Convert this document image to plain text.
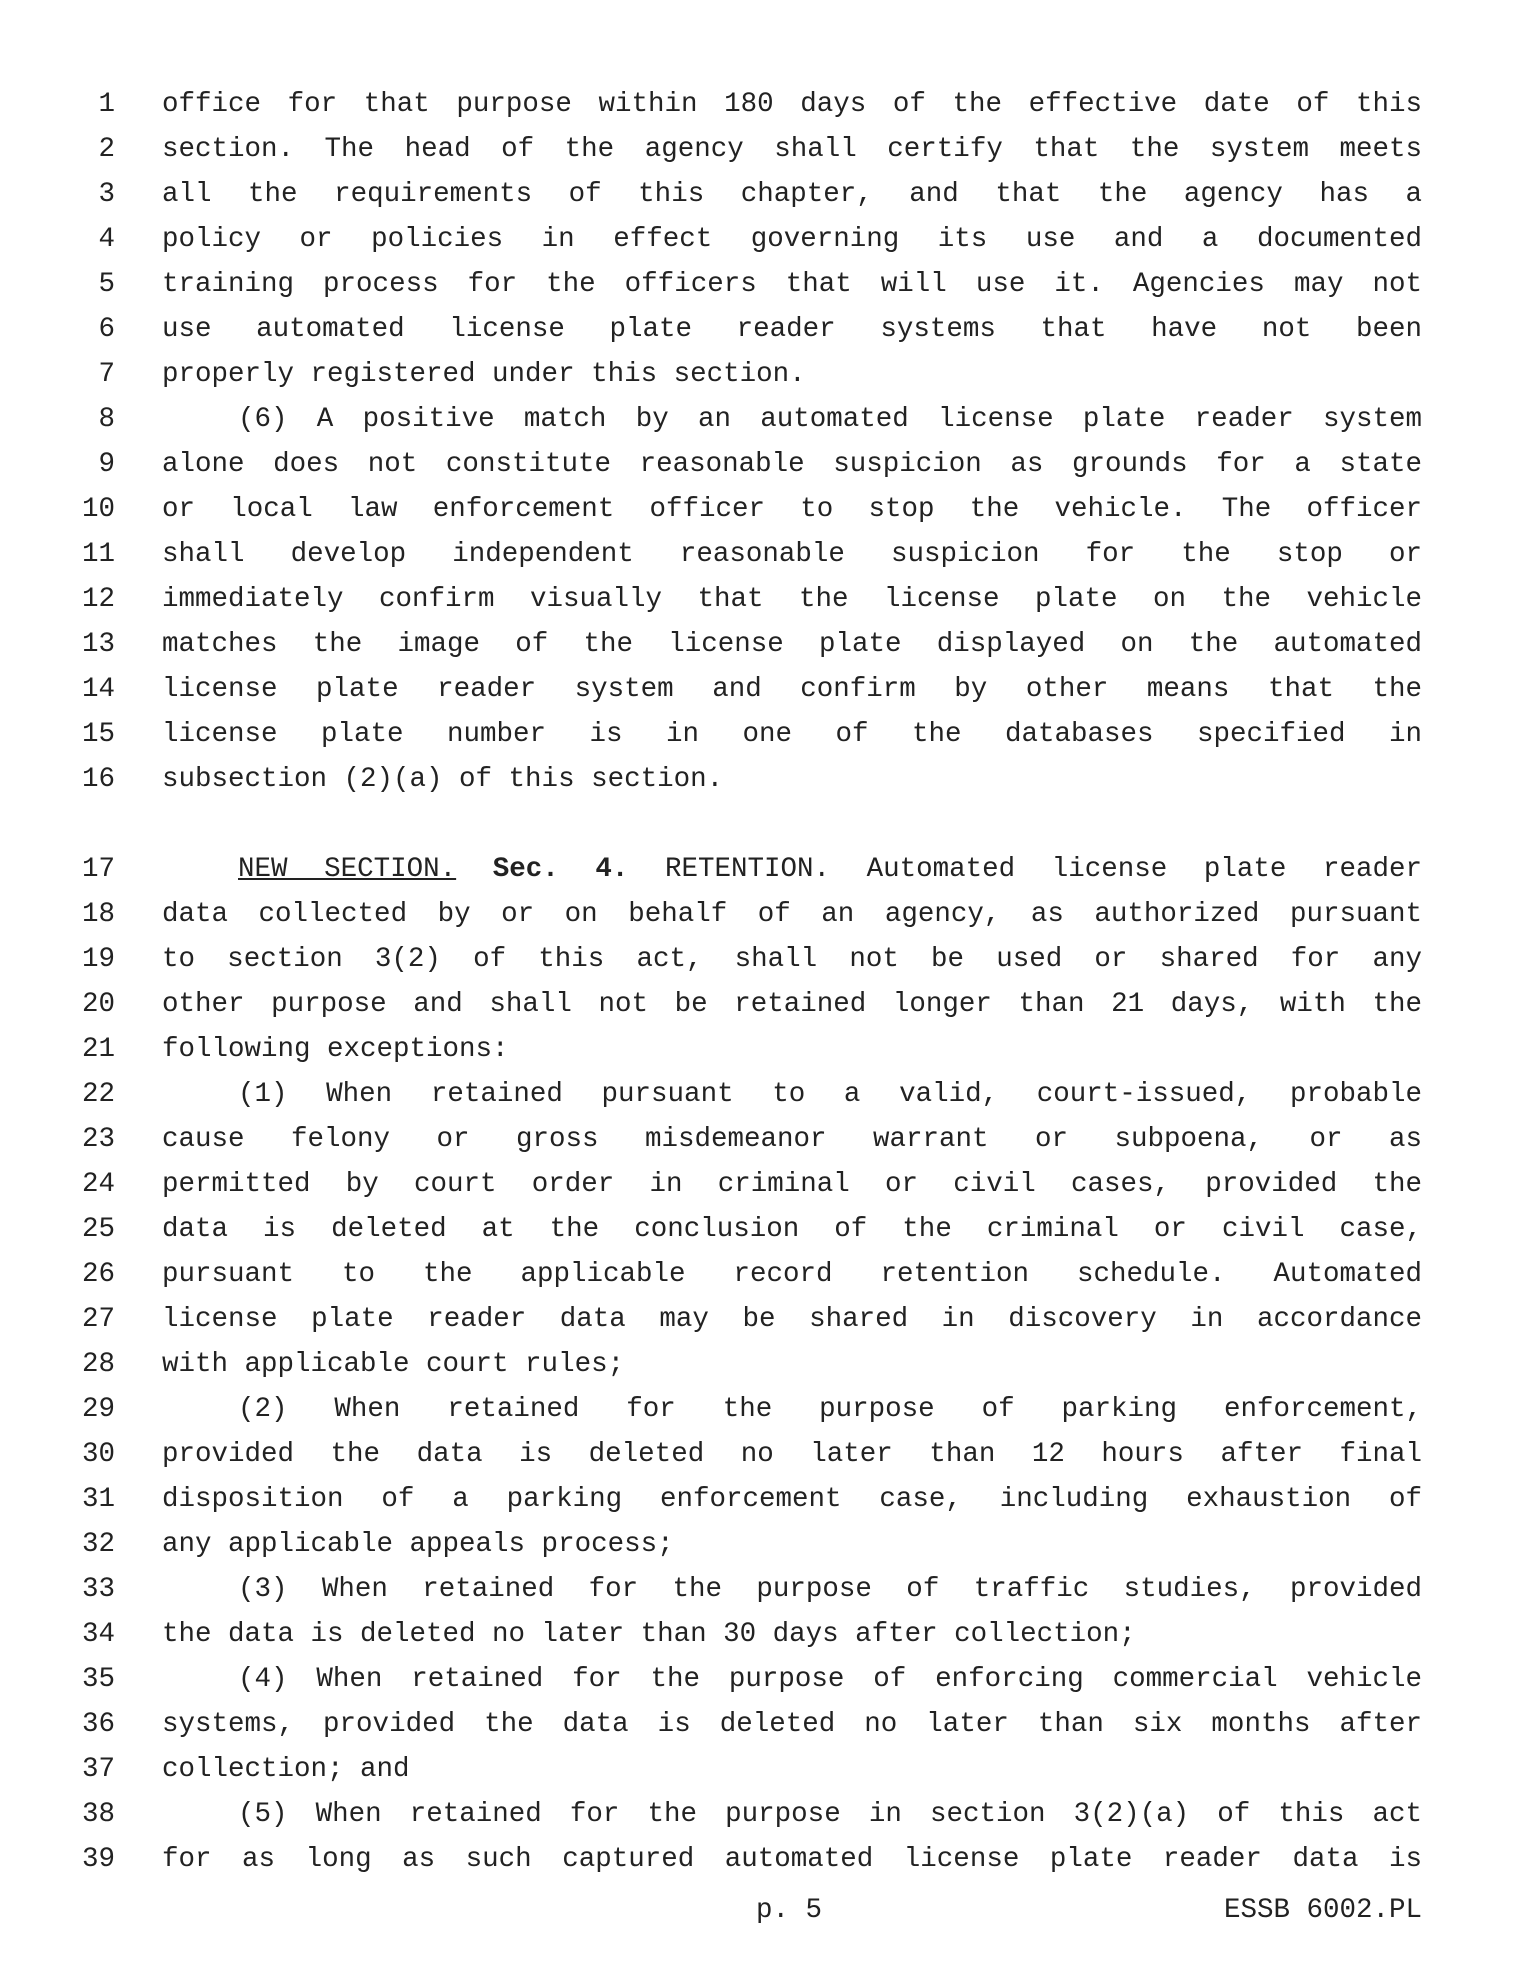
1 office for that purpose within 180 days of the effective date of this
2 section. The head of the agency shall certify that the system meets
3 all the requirements of this chapter, and that the agency has a
4 policy or policies in effect governing its use and a documented
5 training process for the officers that will use it. Agencies may not
6 use automated license plate reader systems that have not been
7 properly registered under this section.
8	(6) A positive match by an automated license plate reader system
9 alone does not constitute reasonable suspicion as grounds for a state
10 or local law enforcement officer to stop the vehicle. The officer
11 shall develop independent reasonable suspicion for the stop or
12 immediately confirm visually that the license plate on the vehicle
13 matches the image of the license plate displayed on the automated
14 license plate reader system and confirm by other means that the
15 license plate number is in one of the databases specified in
16 subsection (2)(a) of this section.
17	NEW SECTION. Sec. 4. RETENTION. Automated license plate reader
18 data collected by or on behalf of an agency, as authorized pursuant
19 to section 3(2) of this act, shall not be used or shared for any
20 other purpose and shall not be retained longer than 21 days, with the
21 following exceptions:
22	(1) When retained pursuant to a valid, court-issued, probable
23 cause felony or gross misdemeanor warrant or subpoena, or as
24 permitted by court order in criminal or civil cases, provided the
25 data is deleted at the conclusion of the criminal or civil case,
26 pursuant to the applicable record retention schedule. Automated
27 license plate reader data may be shared in discovery in accordance
28 with applicable court rules;
29	(2) When retained for the purpose of parking enforcement,
30 provided the data is deleted no later than 12 hours after final
31 disposition of a parking enforcement case, including exhaustion of
32 any applicable appeals process;
33	(3) When retained for the purpose of traffic studies, provided
34 the data is deleted no later than 30 days after collection;
35	(4) When retained for the purpose of enforcing commercial vehicle
36 systems, provided the data is deleted no later than six months after
37 collection; and
38	(5) When retained for the purpose in section 3(2)(a) of this act
39 for as long as such captured automated license plate reader data is
p. 5	ESSB 6002.PL
